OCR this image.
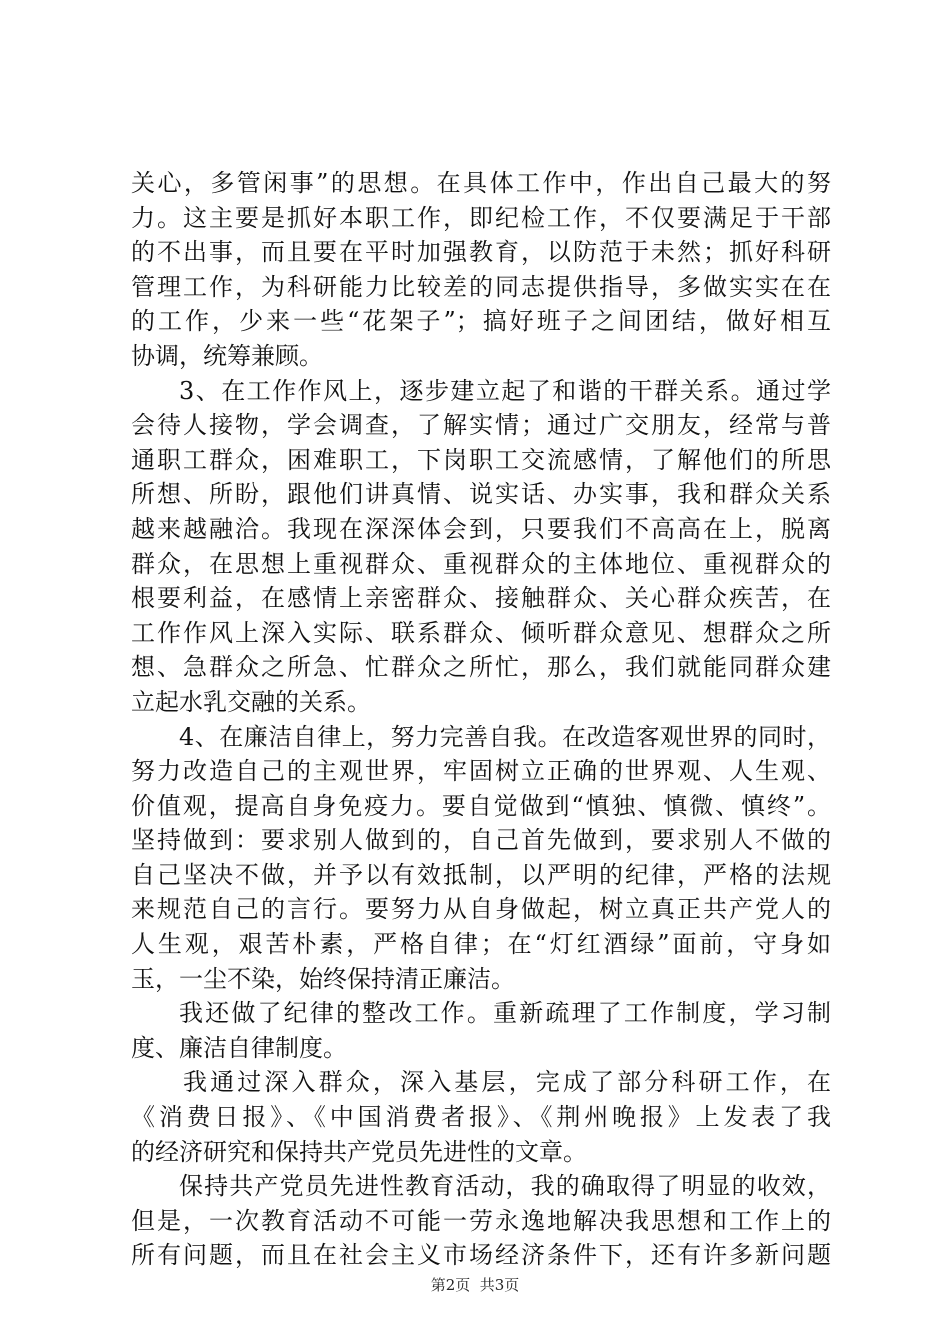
关心，多管闲事”的思想。在具体工作中，作出自己最大的努
力。这主要是抓好本职工作，即纪检工作，不仅要满足于干部
的不出事，而且要在平时加强教育，以防范于未然；抓好科研
管理工作，为科研能力比较差的同志提供指导，多做实实在在
的工作，少来一些“花架子”；搞好班子之间团结，做好相互
协调，统筹兼顾。
3、在工作作风上，逐步建立起了和谐的干群关系。通过学
会待人接物，学会调查，了解实情；通过广交朋友，经常与普
通职工群众，困难职工，下岗职工交流感情，了解他们的所思
所想、所盼，跟他们讲真情、说实话、办实事，我和群众关系
越来越融洽。我现在深深体会到，只要我们不高高在上，脱离
群众，在思想上重视群众、重视群众的主体地位、重视群众的
根要利益，在感情上亲密群众、接触群众、关心群众疾苦，在
工作作风上深入实际、联系群众、倾听群众意见、想群众之所
想、急群众之所急、忙群众之所忙，那么，我们就能同群众建
立起水乳交融的关系。
4、在廉洁自律上，努力完善自我。在改造客观世界的同时，
努力改造自己的主观世界，牢固树立正确的世界观、人生观、
价值观，提高自身免疫力。要自觉做到“慎独、慎微、慎终”。
坚持做到：要求别人做到的，自己首先做到，要求别人不做的
自己坚决不做，并予以有效抵制，以严明的纪律，严格的法规
来规范自己的言行。要努力从自身做起，树立真正共产党人的
人生观，艰苦朴素，严格自律；在“灯红酒绿”面前，守身如
玉，一尘不染，始终保持清正廉洁。
我还做了纪律的整改工作。重新疏理了工作制度，学习制
度、廉洁自律制度。
我通过深入群众，深入基层，完成了部分科研工作，在
《消费日报》、《中国消费者报》、《荆州晚报》上发表了我
的经济研究和保持共产党员先进性的文章。
保持共产党员先进性教育活动，我的确取得了明显的收效，
但是，一次教育活动不可能一劳永逸地解决我思想和工作上的
所有问题，而且在社会主义市场经济条件下，还有许多新问题
第2页  共3页
